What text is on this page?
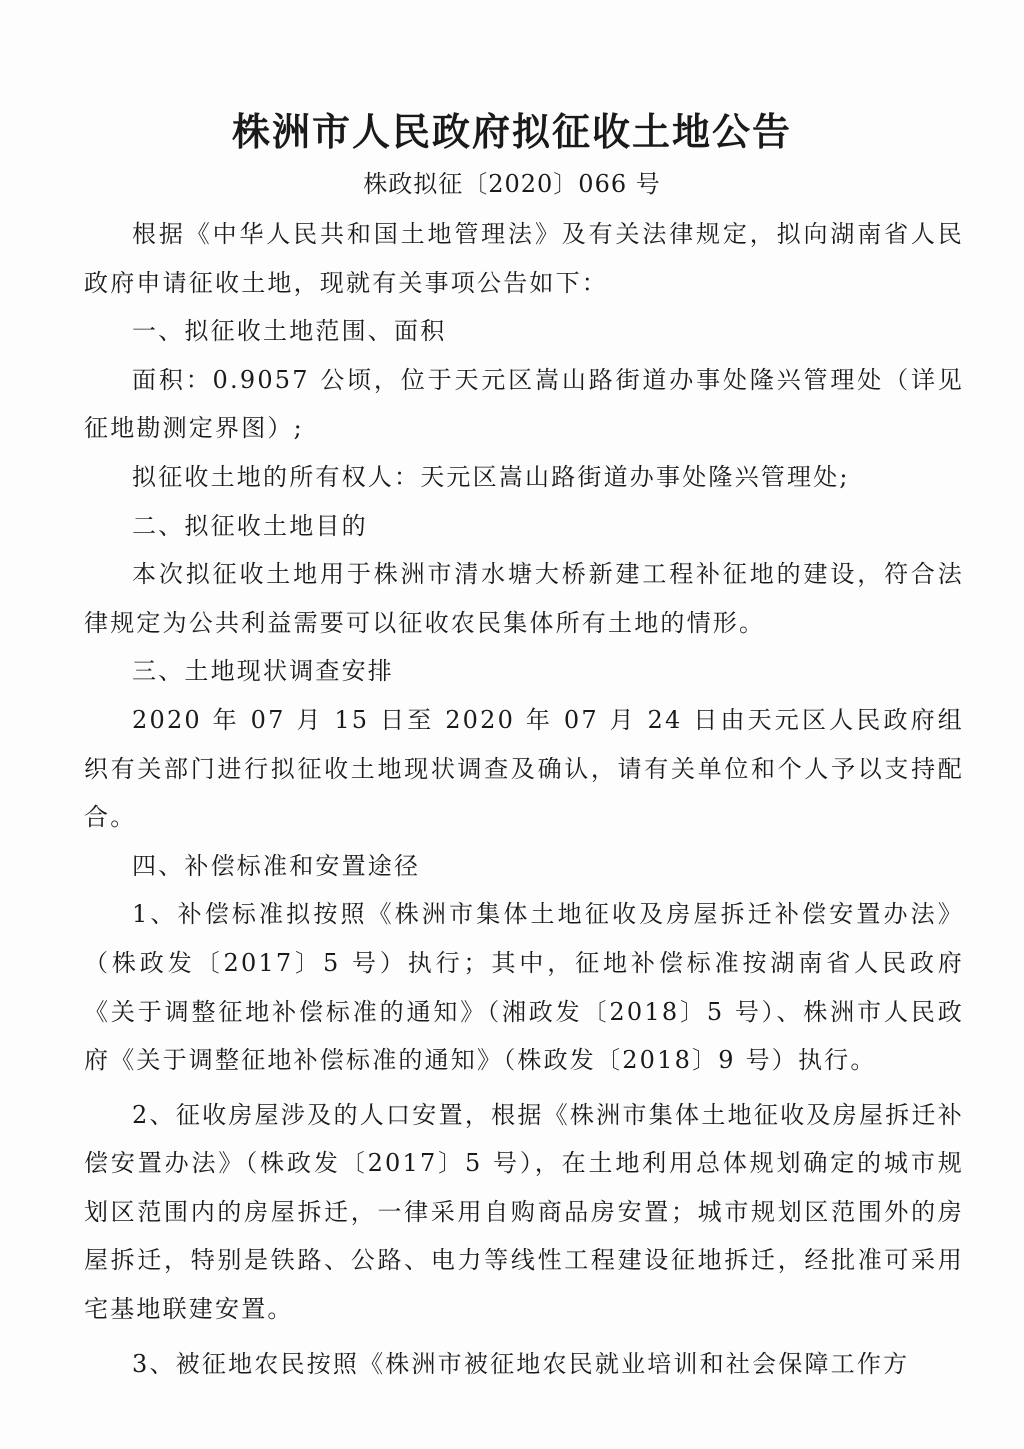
株洲市人民政府拟征收土地公告
株政拟征〔2020〕066 号

根据《中华人民共和国土地管理法》及有关法律规定，拟向湖南省人民政府申请征收土地，现就有关事项公告如下：

一、拟征收土地范围、面积

面积：0.9057 公顷，位于天元区嵩山路街道办事处隆兴管理处（详见征地勘测定界图）;

拟征收土地的所有权人：天元区嵩山路街道办事处隆兴管理处;

二、拟征收土地目的

本次拟征收土地用于株洲市清水塘大桥新建工程补征地的建设，符合法律规定为公共利益需要可以征收农民集体所有土地的情形。

三、土地现状调查安排

2020 年 07 月 15 日至 2020 年 07 月 24 日由天元区人民政府组织有关部门进行拟征收土地现状调查及确认，请有关单位和个人予以支持配合。

四、补偿标准和安置途径

1、补偿标准拟按照《株洲市集体土地征收及房屋拆迁补偿安置办法》（株政发〔2017〕5 号）执行；其中，征地补偿标准按湖南省人民政府《关于调整征地补偿标准的通知》（湘政发〔2018〕5 号）、株洲市人民政府《关于调整征地补偿标准的通知》（株政发〔2018〕9 号）执行。

2、征收房屋涉及的人口安置，根据《株洲市集体土地征收及房屋拆迁补偿安置办法》（株政发〔2017〕5 号），在土地利用总体规划确定的城市规划区范围内的房屋拆迁，一律采用自购商品房安置；城市规划区范围外的房屋拆迁，特别是铁路、公路、电力等线性工程建设征地拆迁，经批准可采用宅基地联建安置。

3、被征地农民按照《株洲市被征地农民就业培训和社会保障工作方
